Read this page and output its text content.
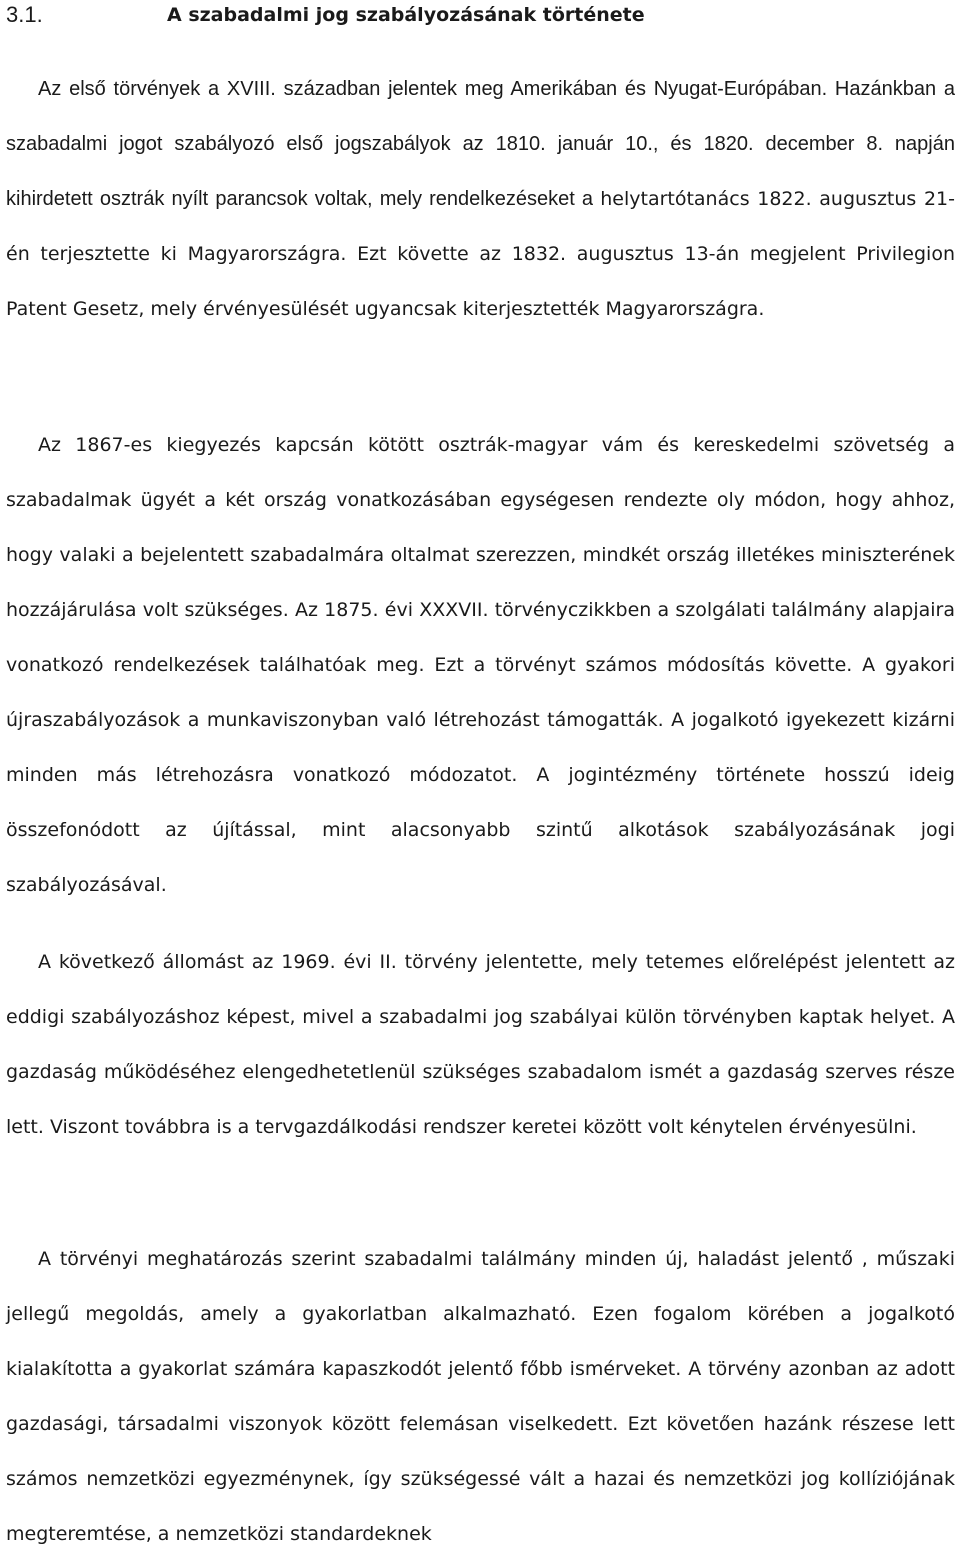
3.1.	A szabadalmi jog szabályozásának története

Az első törvények a XVIII. században jelentek meg Amerikában és Nyugat-Európában. Hazánkban a szabadalmi jogot szabályozó első jogszabályok az 1810. január 10., és 1820. december 8. napján kihirdetett osztrák nyílt parancsok voltak, mely rendelkezéseket a helytartótanács 1822. augusztus 21-én terjesztette ki Magyarországra. Ezt követte az 1832. augusztus 13-án megjelent Privilegion Patent Gesetz, mely érvényesülését ugyancsak kiterjesztették Magyarországra.

Az 1867-es kiegyezés kapcsán kötött osztrák-magyar vám és kereskedelmi szövetség a szabadalmak ügyét a két ország vonatkozásában egységesen rendezte oly módon, hogy ahhoz, hogy valaki a bejelentett szabadalmára oltalmat szerezzen, mindkét ország illetékes miniszterének hozzájárulása volt szükséges. Az 1875. évi XXXVII. törvényczikkben a szolgálati találmány alapjaira vonatkozó rendelkezések találhatóak meg. Ezt a törvényt számos módosítás követte. A gyakori újraszabályozások a munkaviszonyban való létrehozást támogatták. A jogalkotó igyekezett kizárni minden más létrehozásra vonatkozó módozatot. A jogintézmény története hosszú ideig összefonódott az újítással, mint alacsonyabb szintű alkotások szabályozásának jogi szabályozásával.

A következő állomást az 1969. évi II. törvény jelentette, mely tetemes előrelépést jelentett az eddigi szabályozáshoz képest, mivel a szabadalmi jog szabályai külön törvényben kaptak helyet. A gazdaság működéséhez elengedhetetlenül szükséges szabadalom ismét a gazdaság szerves része lett. Viszont továbbra is a tervgazdálkodási rendszer keretei között volt kénytelen érvényesülni.

A törvényi meghatározás szerint szabadalmi találmány minden új, haladást jelentő , műszaki jellegű megoldás, amely a gyakorlatban alkalmazható. Ezen fogalom körében a jogalkotó kialakította a gyakorlat számára kapaszkodót jelentő főbb ismérveket. A törvény azonban az adott gazdasági, társadalmi viszonyok között felemásan viselkedett. Ezt követően hazánk részese lett számos nemzetközi egyezménynek, így szükségessé vált a hazai és nemzetközi jog kollíziójának megteremtése, a nemzetközi standardeknek
